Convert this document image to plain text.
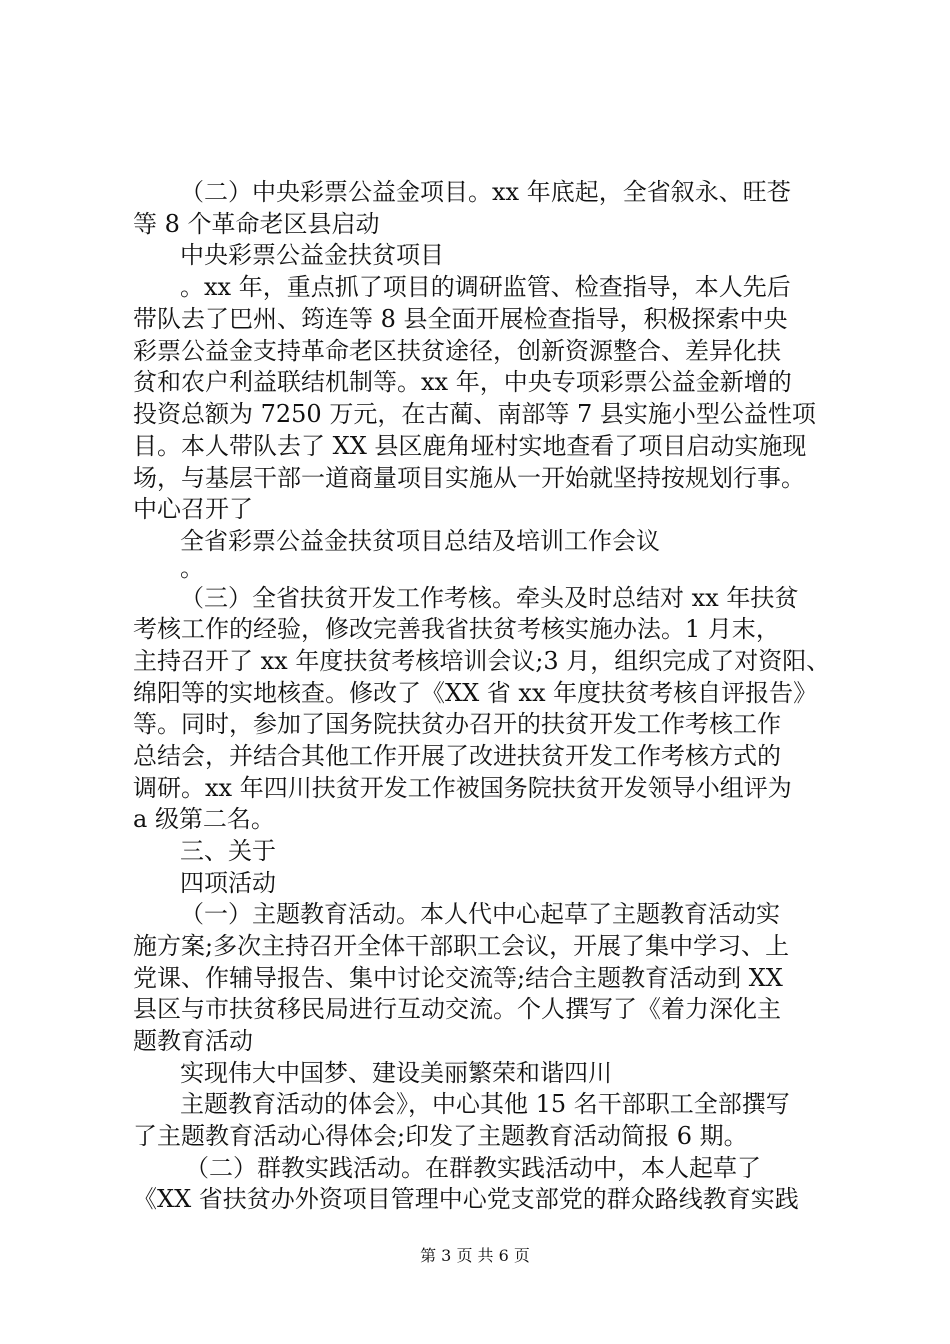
（二）中央彩票公益金项目。xx 年底起，全省叙永、旺苍
等 8 个革命老区县启动
中央彩票公益金扶贫项目
。xx 年，重点抓了项目的调研监管、检查指导，本人先后
带队去了巴州、筠连等 8 县全面开展检查指导，积极探索中央
彩票公益金支持革命老区扶贫途径，创新资源整合、差异化扶
贫和农户利益联结机制等。xx 年，中央专项彩票公益金新增的
投资总额为 7250 万元，在古蔺、南部等 7 县实施小型公益性项
目。本人带队去了 XX 县区鹿角垭村实地查看了项目启动实施现
场，与基层干部一道商量项目实施从一开始就坚持按规划行事。
中心召开了
全省彩票公益金扶贫项目总结及培训工作会议
。
（三）全省扶贫开发工作考核。牵头及时总结对 xx 年扶贫
考核工作的经验，修改完善我省扶贫考核实施办法。1 月末，
主持召开了 xx 年度扶贫考核培训会议;3 月，组织完成了对资阳、
绵阳等的实地核查。修改了《XX 省 xx 年度扶贫考核自评报告》
等。同时，参加了国务院扶贫办召开的扶贫开发工作考核工作
总结会，并结合其他工作开展了改进扶贫开发工作考核方式的
调研。xx 年四川扶贫开发工作被国务院扶贫开发领导小组评为
a 级第二名。
三、关于
四项活动
（一）主题教育活动。本人代中心起草了主题教育活动实
施方案;多次主持召开全体干部职工会议，开展了集中学习、上
党课、作辅导报告、集中讨论交流等;结合主题教育活动到 XX
县区与市扶贫移民局进行互动交流。个人撰写了《着力深化主
题教育活动
实现伟大中国梦、建设美丽繁荣和谐四川
主题教育活动的体会》，中心其他 15 名干部职工全部撰写
了主题教育活动心得体会;印发了主题教育活动简报 6 期。
（二）群教实践活动。在群教实践活动中，本人起草了
《XX 省扶贫办外资项目管理中心党支部党的群众路线教育实践
第 3 页 共 6 页
